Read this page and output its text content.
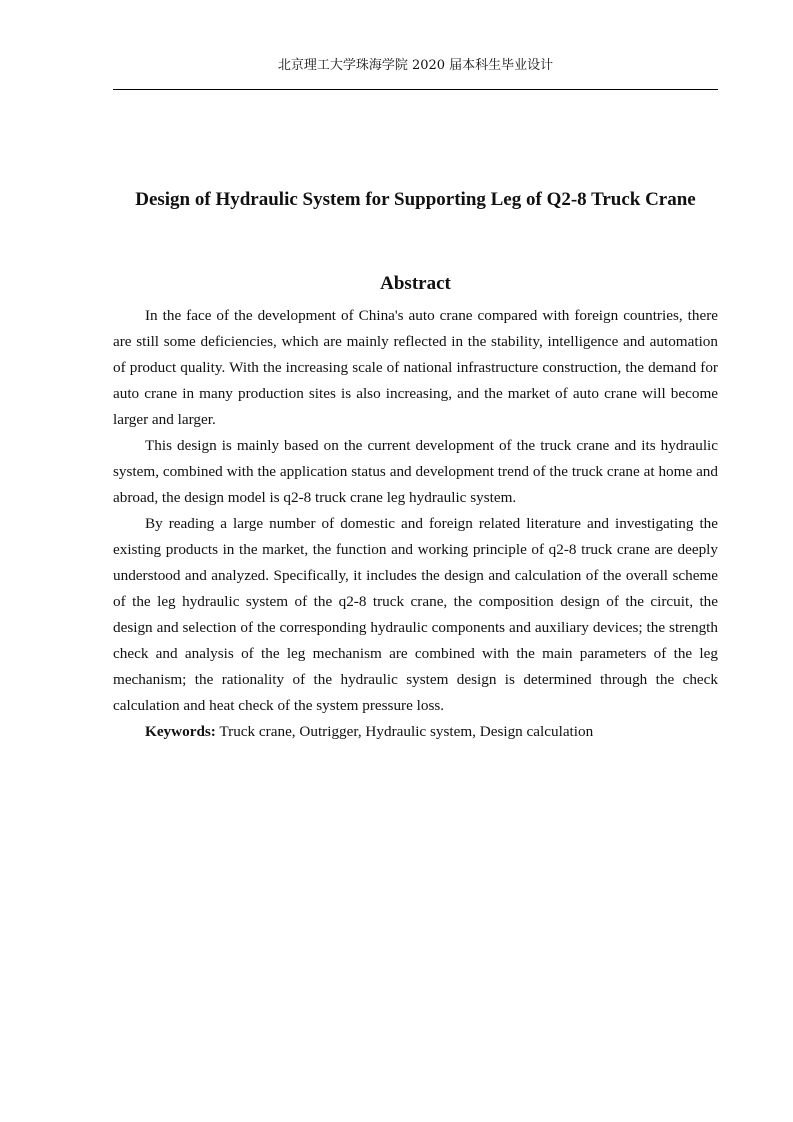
北京理工大学珠海学院 2020 届本科生毕业设计
Design of Hydraulic System for Supporting Leg of Q2-8 Truck Crane
Abstract

In the face of the development of China's auto crane compared with foreign countries, there are still some deficiencies, which are mainly reflected in the stability, intelligence and automation of product quality. With the increasing scale of national infrastructure construction, the demand for auto crane in many production sites is also increasing, and the market of auto crane will become larger and larger.

This design is mainly based on the current development of the truck crane and its hydraulic system, combined with the application status and development trend of the truck crane at home and abroad, the design model is q2-8 truck crane leg hydraulic system.

By reading a large number of domestic and foreign related literature and investigating the existing products in the market, the function and working principle of q2-8 truck crane are deeply understood and analyzed. Specifically, it includes the design and calculation of the overall scheme of the leg hydraulic system of the q2-8 truck crane, the composition design of the circuit, the design and selection of the corresponding hydraulic components and auxiliary devices; the strength check and analysis of the leg mechanism are combined with the main parameters of the leg mechanism; the rationality of the hydraulic system design is determined through the check calculation and heat check of the system pressure loss.

Keywords: Truck crane, Outrigger, Hydraulic system, Design calculation
